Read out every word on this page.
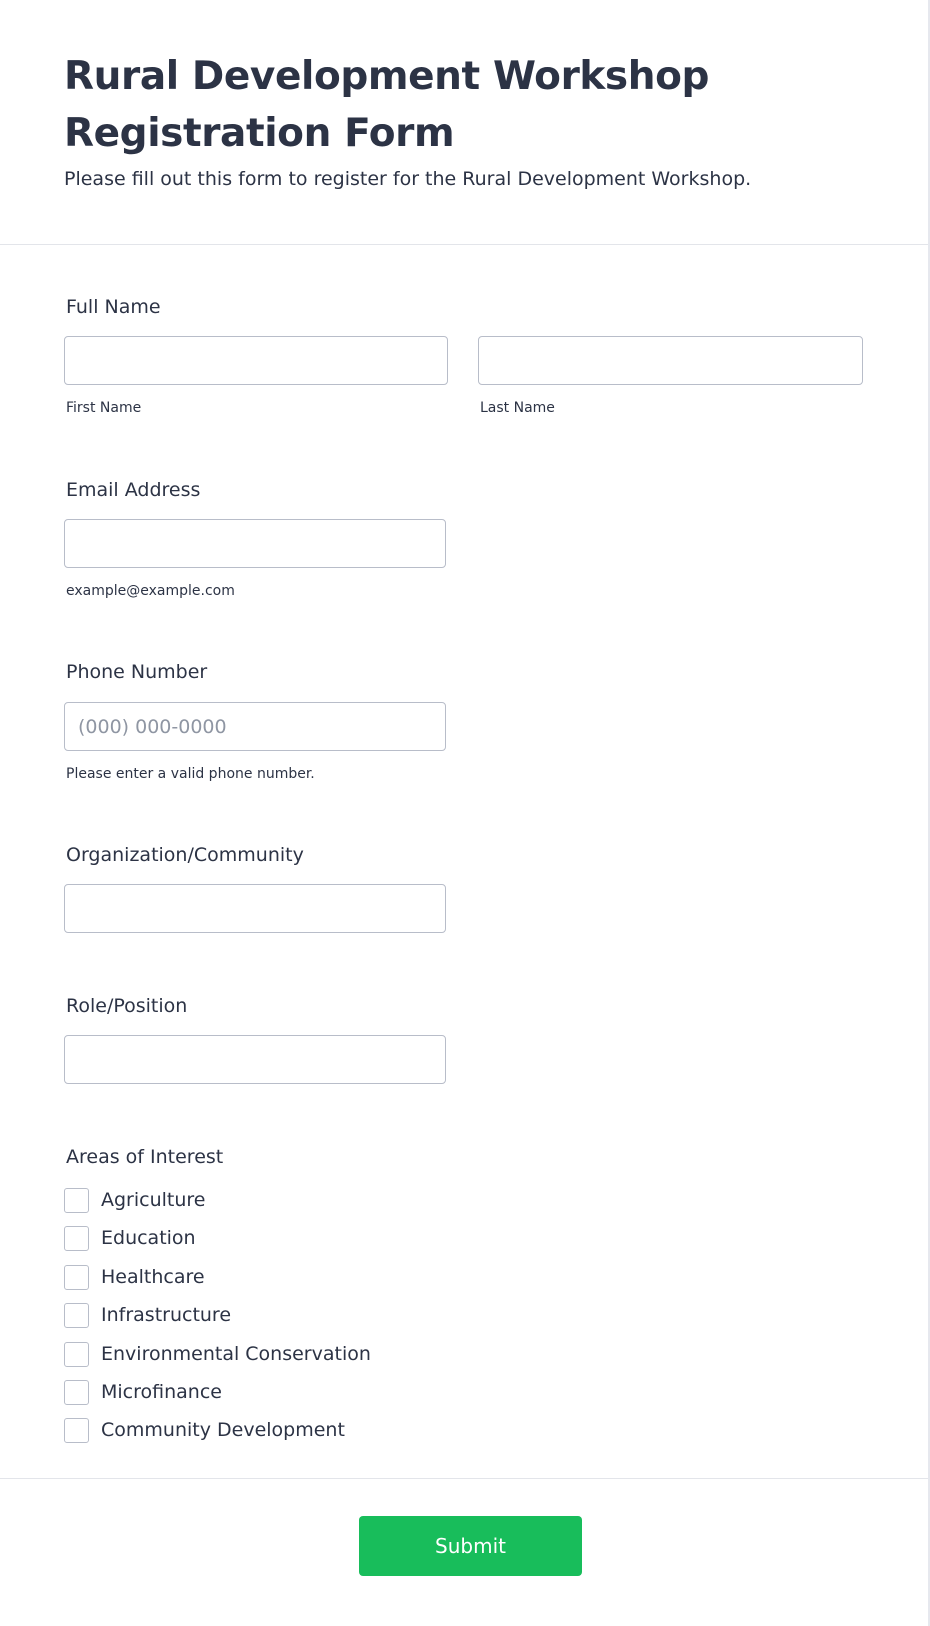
Rural Development Workshop Registration Form

Please fill out this form to register for the Rural Development Workshop.

Full Name
First Name	Last Name
Email Address
example@example.com
Phone Number
(000) 000-0000
Please enter a valid phone number.
Organization/Community
Role/Position
Areas of Interest
Agriculture
Education
Healthcare
Infrastructure
Environmental Conservation
Microfinance
Community Development
Submit
